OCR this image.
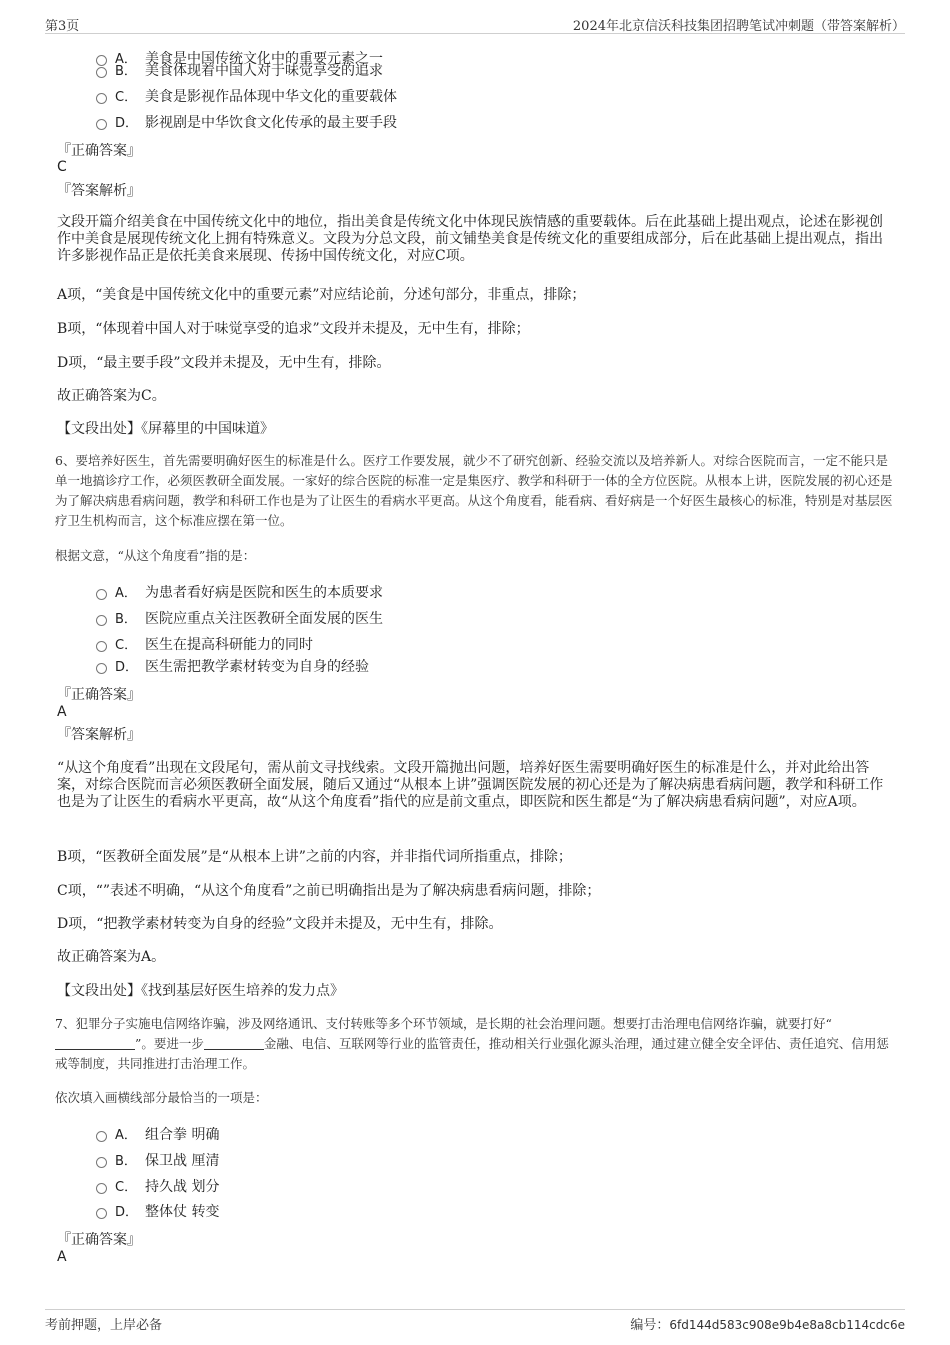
第3页	2024年北京信沃科技集团招聘笔试冲刺题（带答案解析）
A． 美食是中国传统文化中的重要元素之一
B． 美食体现着中国人对于味觉享受的追求
C． 美食是影视作品体现中华文化的重要载体
D． 影视剧是中华饮食文化传承的最主要手段
『正确答案』
C
『答案解析』
文段开篇介绍美食在中国传统文化中的地位，指出美食是传统文化中体现民族情感的重要载体。后在此基础上提出观点，论述在影视创作中美食是展现传统文化上拥有特殊意义。文段为分总文段，前文铺垫美食是传统文化的重要组成部分，后在此基础上提出观点，指出许多影视作品正是依托美食来展现、传扬中国传统文化，对应C项。
A项，“美食是中国传统文化中的重要元素”对应结论前，分述句部分，非重点，排除；
B项，“体现着中国人对于味觉享受的追求”文段并未提及，无中生有，排除；
D项，“最主要手段”文段并未提及，无中生有，排除。
故正确答案为C。
【文段出处】《屏幕里的中国味道》
6、要培养好医生，首先需要明确好医生的标准是什么。医疗工作要发展，就少不了研究创新、经验交流以及培养新人。对综合医院而言，一定不能只是单一地搞诊疗工作，必须医教研全面发展。一家好的综合医院的标准一定是集医疗、教学和科研于一体的全方位医院。从根本上讲，医院发展的初心还是为了解决病患看病问题，教学和科研工作也是为了让医生的看病水平更高。从这个角度看，能看病、看好病是一个好医生最核心的标准，特别是对基层医疗卫生机构而言，这个标准应摆在第一位。
根据文意，“从这个角度看”指的是：
A． 为患者看好病是医院和医生的本质要求
B． 医院应重点关注医教研全面发展的医生
C． 医生在提高科研能力的同时
D． 医生需把教学素材转变为自身的经验
『正确答案』
A
『答案解析』
“从这个角度看”出现在文段尾句，需从前文寻找线索。文段开篇抛出问题，培养好医生需要明确好医生的标准是什么，并对此给出答案，对综合医院而言必须医教研全面发展，随后又通过“从根本上讲”强调医院发展的初心还是为了解决病患看病问题，教学和科研工作也是为了让医生的看病水平更高，故“从这个角度看”指代的应是前文重点，即医院和医生都是“为了解决病患看病问题”，对应A项。
B项，“医教研全面发展”是“从根本上讲”之前的内容，并非指代词所指重点，排除；
C项，“”表述不明确，“从这个角度看”之前已明确指出是为了解决病患看病问题，排除；
D项，“把教学素材转变为自身的经验”文段并未提及，无中生有，排除。
故正确答案为A。
【文段出处】《找到基层好医生培养的发力点》
7、犯罪分子实施电信网络诈骗，涉及网络通讯、支付转账等多个环节领域，是长期的社会治理问题。想要打击治理电信网络诈骗，就要打好“”。要进一步	金融、电信、互联网等行业的监管责任，推动相关行业强化源头治理，通过建立健全安全评估、责任追究、信用惩戒等制度，共同推进打击治理工作。
依次填入画横线部分最恰当的一项是：
A． 组合拳 明确
B． 保卫战 厘清
C． 持久战 划分
D． 整体仗 转变
『正确答案』
A
考前押题，上岸必备	编号：6fd144d583c908e9b4e8a8cb114cdc6e
